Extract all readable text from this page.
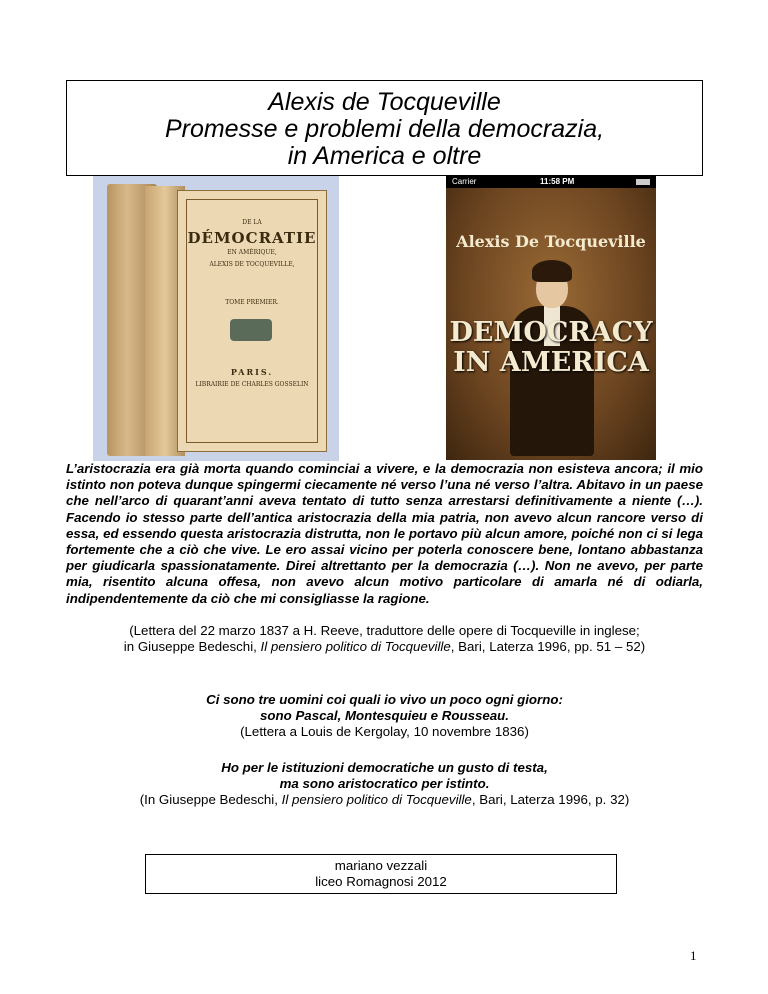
Alexis de Tocqueville
Promesse e problemi della democrazia,
in America e oltre
DE LA
DÉMOCRATIE
EN AMÉRIQUE,
ALEXIS DE TOCQUEVILLE,
TOME PREMIER.
PARIS.
LIBRAIRIE DE CHARLES GOSSELIN
Carrier	11:58 PM
Alexis De Tocqueville
DEMOCRACY
IN AMERICA
L’aristocrazia era già morta quando cominciai a vivere, e la democrazia non esisteva ancora; il mio istinto non poteva dunque spingermi ciecamente né verso l’una né verso l’altra. Abitavo in un paese che nell’arco di quarant’anni aveva tentato di tutto senza arrestarsi definitivamente a niente (…). Facendo io stesso parte dell’antica aristocrazia della mia patria, non avevo alcun rancore verso di essa, ed essendo questa aristocrazia distrutta, non le portavo più alcun amore, poiché non ci si lega fortemente che a ciò che vive. Le ero assai vicino per poterla conoscere bene, lontano abbastanza per giudicarla spassionatamente. Direi altrettanto per la democrazia (…). Non ne avevo, per parte mia, risentito alcuna offesa, non avevo alcun motivo particolare di amarla né di odiarla, indipendentemente da ciò che mi consigliasse la ragione.
(Lettera del 22 marzo 1837 a H. Reeve, traduttore delle opere di Tocqueville in inglese;
in Giuseppe Bedeschi, Il pensiero politico di Tocqueville, Bari, Laterza 1996, pp. 51 – 52)
Ci sono tre uomini coi quali io vivo un poco ogni giorno:
sono Pascal, Montesquieu e Rousseau.
(Lettera a Louis de Kergolay, 10 novembre 1836)
Ho per le istituzioni democratiche un gusto di testa,
ma sono aristocratico per istinto.
(In Giuseppe Bedeschi, Il pensiero politico di Tocqueville, Bari, Laterza 1996, p. 32)
mariano vezzali
liceo Romagnosi 2012
1
